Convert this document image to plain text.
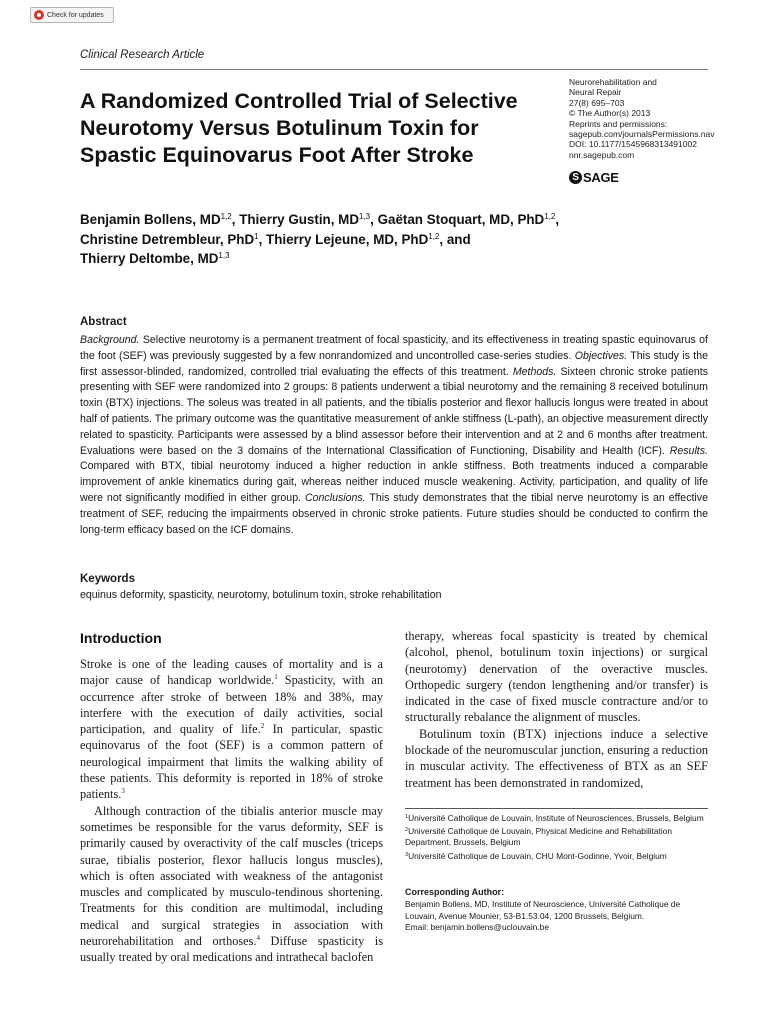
Check for updates
Clinical Research Article
A Randomized Controlled Trial of Selective Neurotomy Versus Botulinum Toxin for Spastic Equinovarus Foot After Stroke
Neurorehabilitation and
Neural Repair
27(8) 695–703
© The Author(s) 2013
Reprints and permissions:
sagepub.com/journalsPermissions.nav
DOI: 10.1177/1545968313491002
nnr.sagepub.com
S SAGE
Benjamin Bollens, MD$^{1,2}$, Thierry Gustin, MD$^{1,3}$, Gaëtan Stoquart, MD, PhD$^{1,2}$,
Christine Detrembleur, PhD$^1$, Thierry Lejeune, MD, PhD$^{1,2}$, and
Thierry Deltombe, MD$^{1,3}$
Abstract
Background. Selective neurotomy is a permanent treatment of focal spasticity, and its effectiveness in treating spastic equinovarus of the foot (SEF) was previously suggested by a few nonrandomized and uncontrolled case-series studies. Objectives. This study is the first assessor-blinded, randomized, controlled trial evaluating the effects of this treatment. Methods. Sixteen chronic stroke patients presenting with SEF were randomized into 2 groups: 8 patients underwent a tibial neurotomy and the remaining 8 received botulinum toxin (BTX) injections. The soleus was treated in all patients, and the tibialis posterior and flexor hallucis longus were treated in about half of patients. The primary outcome was the quantitative measurement of ankle stiffness (L-path), an objective measurement directly related to spasticity. Participants were assessed by a blind assessor before their intervention and at 2 and 6 months after treatment. Evaluations were based on the 3 domains of the International Classification of Functioning, Disability and Health (ICF). Results. Compared with BTX, tibial neurotomy induced a higher reduction in ankle stiffness. Both treatments induced a comparable improvement of ankle kinematics during gait, whereas neither induced muscle weakening. Activity, participation, and quality of life were not significantly modified in either group. Conclusions. This study demonstrates that the tibial nerve neurotomy is an effective treatment of SEF, reducing the impairments observed in chronic stroke patients. Future studies should be conducted to confirm the long-term efficacy based on the ICF domains.
Keywords
equinus deformity, spasticity, neurotomy, botulinum toxin, stroke rehabilitation
Introduction

Stroke is one of the leading causes of mortality and is a major cause of handicap worldwide.$^1$ Spasticity, with an occurrence after stroke of between 18% and 38%, may interfere with the execution of daily activities, social participation, and quality of life.$^2$ In particular, spastic equinovarus of the foot (SEF) is a common pattern of neurological impairment that limits the walking ability of these patients. This deformity is reported in 18% of stroke patients.$^3$

Although contraction of the tibialis anterior muscle may sometimes be responsible for the varus deformity, SEF is primarily caused by overactivity of the calf muscles (triceps surae, tibialis posterior, flexor hallucis longus muscles), which is often associated with weakness of the antagonist muscles and complicated by musculo-tendinous shortening. Treatments for this condition are multimodal, including medical and surgical strategies in association with neurorehabilitation and orthoses.$^4$ Diffuse spasticity is usually treated by oral medications and intrathecal baclofen

therapy, whereas focal spasticity is treated by chemical (alcohol, phenol, botulinum toxin injections) or surgical (neurotomy) denervation of the overactive muscles. Orthopedic surgery (tendon lengthening and/or transfer) is indicated in the case of fixed muscle contracture and/or to structurally rebalance the alignment of muscles.

Botulinum toxin (BTX) injections induce a selective blockade of the neuromuscular junction, ensuring a reduction in muscular activity. The effectiveness of BTX as an SEF treatment has been demonstrated in randomized,

$^1$Université Catholique de Louvain, Institute of Neurosciences, Brussels, Belgium
$^2$Université Catholique de Louvain, Physical Medicine and Rehabilitation Department, Brussels, Belgium
$^3$Université Catholique de Louvain, CHU Mont-Godinne, Yvoir, Belgium
Corresponding Author:
Benjamin Bollens, MD, Institute of Neuroscience, Université Catholique de Louvain, Avenue Mounier, 53-B1.53.04, 1200 Brussels, Belgium.
Email: benjamin.bollens@uclouvain.be
